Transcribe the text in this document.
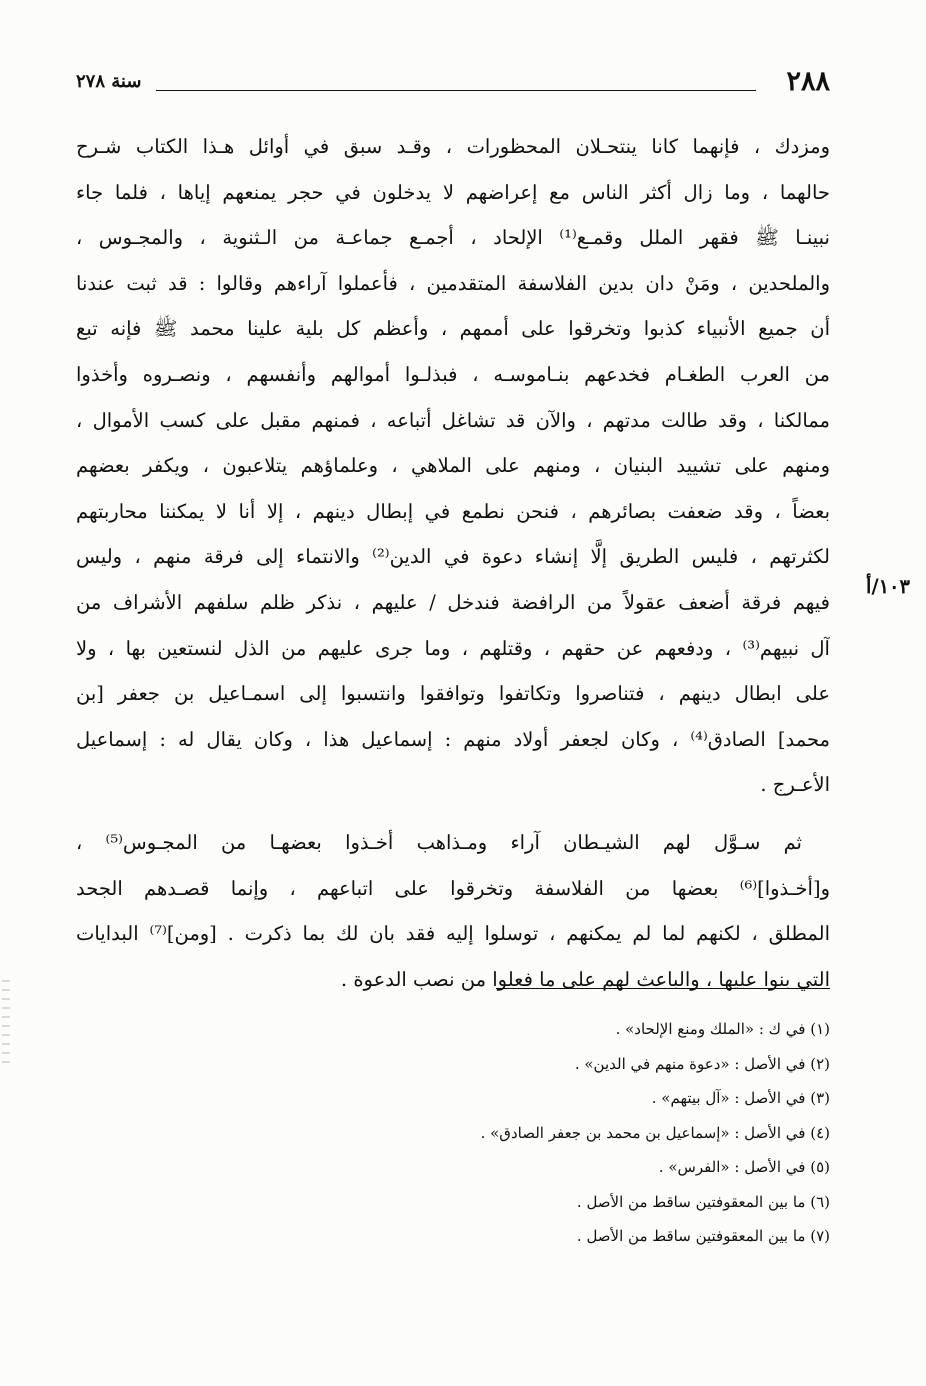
٢٨٨
سنة ٢٧٨
١٠٣/أ
ومزدك ، فإنهما كانا ينتحـلان المحظورات ، وقـد سبق في أوائل هـذا الكتاب شـرح
حالهما ، وما زال أكثر الناس مع إعراضهم لا يدخلون في حجر يمنعهم إياها ، فلما جاء
نبينـا ﷺ فقهر الملل وقمـع⁽¹⁾ الإلحاد ، أجمـع جماعـة من الـثنوية ، والمجـوس ،
والملحدين ، ومَنْ دان بدين الفلاسفة المتقدمين ، فأعملوا آراءهم وقالوا : قد ثبت عندنا
أن جميع الأنبياء كذبوا وتخرقوا على أممهم ، وأعظم كل بلية علينا محمد ﷺ فإنه تبع
من العرب الطغـام فخدعهم بنـاموسـه ، فبذلـوا أموالهم وأنفسهم ، ونصـروه وأخذوا
ممالكنا ، وقد طالت مدتهم ، والآن قد تشاغل أتباعه ، فمنهم مقبل على كسب الأموال ،
ومنهم على تشييد البنيان ، ومنهم على الملاهي ، وعلماؤهم يتلاعبون ، ويكفر بعضهم
بعضاً ، وقد ضعفت بصائرهم ، فنحن نطمع في إبطال دينهم ، إلا أنا لا يمكننا محاربتهم
لكثرتهم ، فليس الطريق إلَّا إنشاء دعوة في الدين⁽²⁾ والانتماء إلى فرقة منهم ، وليس
فيهم فرقة أضعف عقولاً من الرافضة فندخل / عليهم ، نذكر ظلم سلفهم الأشراف من
آل نبيهم⁽³⁾ ، ودفعهم عن حقهم ، وقتلهم ، وما جرى عليهم من الذل لنستعين بها ، ولا
على ابطال دينهم ، فتناصروا وتكاتفوا وتوافقوا وانتسبوا إلى اسمـاعيل بن جعفر [بن
محمد] الصادق⁽⁴⁾ ، وكان لجعفر أولاد منهم : إسماعيل هذا ، وكان يقال له : إسماعيل
الأعـرج .
ثم سـوَّل لهم الشيـطان آراء ومـذاهب أخـذوا بعضهـا من المجـوس⁽⁵⁾ ،
و[أخـذوا]⁽⁶⁾ بعضها من الفلاسفة وتخرقوا على اتباعهم ، وإنما قصـدهم الجحد
المطلق ، لكنهم لما لم يمكنهم ، توسلوا إليه فقد بان لك بما ذكرت . [ومن]⁽⁷⁾ البدايات
التي بنوا عليها ، والباعث لهم على ما فعلوا من نصب الدعوة .
(١) في ك : «الملك ومنع الإلحاد» .
(٢) في الأصل : «دعوة منهم في الدين» .
(٣) في الأصل : «آل بيتهم» .
(٤) في الأصل : «إسماعيل بن محمد بن جعفر الصادق» .
(٥) في الأصل : «الفرس» .
(٦) ما بين المعقوفتين ساقط من الأصل .
(٧) ما بين المعقوفتين ساقط من الأصل .
